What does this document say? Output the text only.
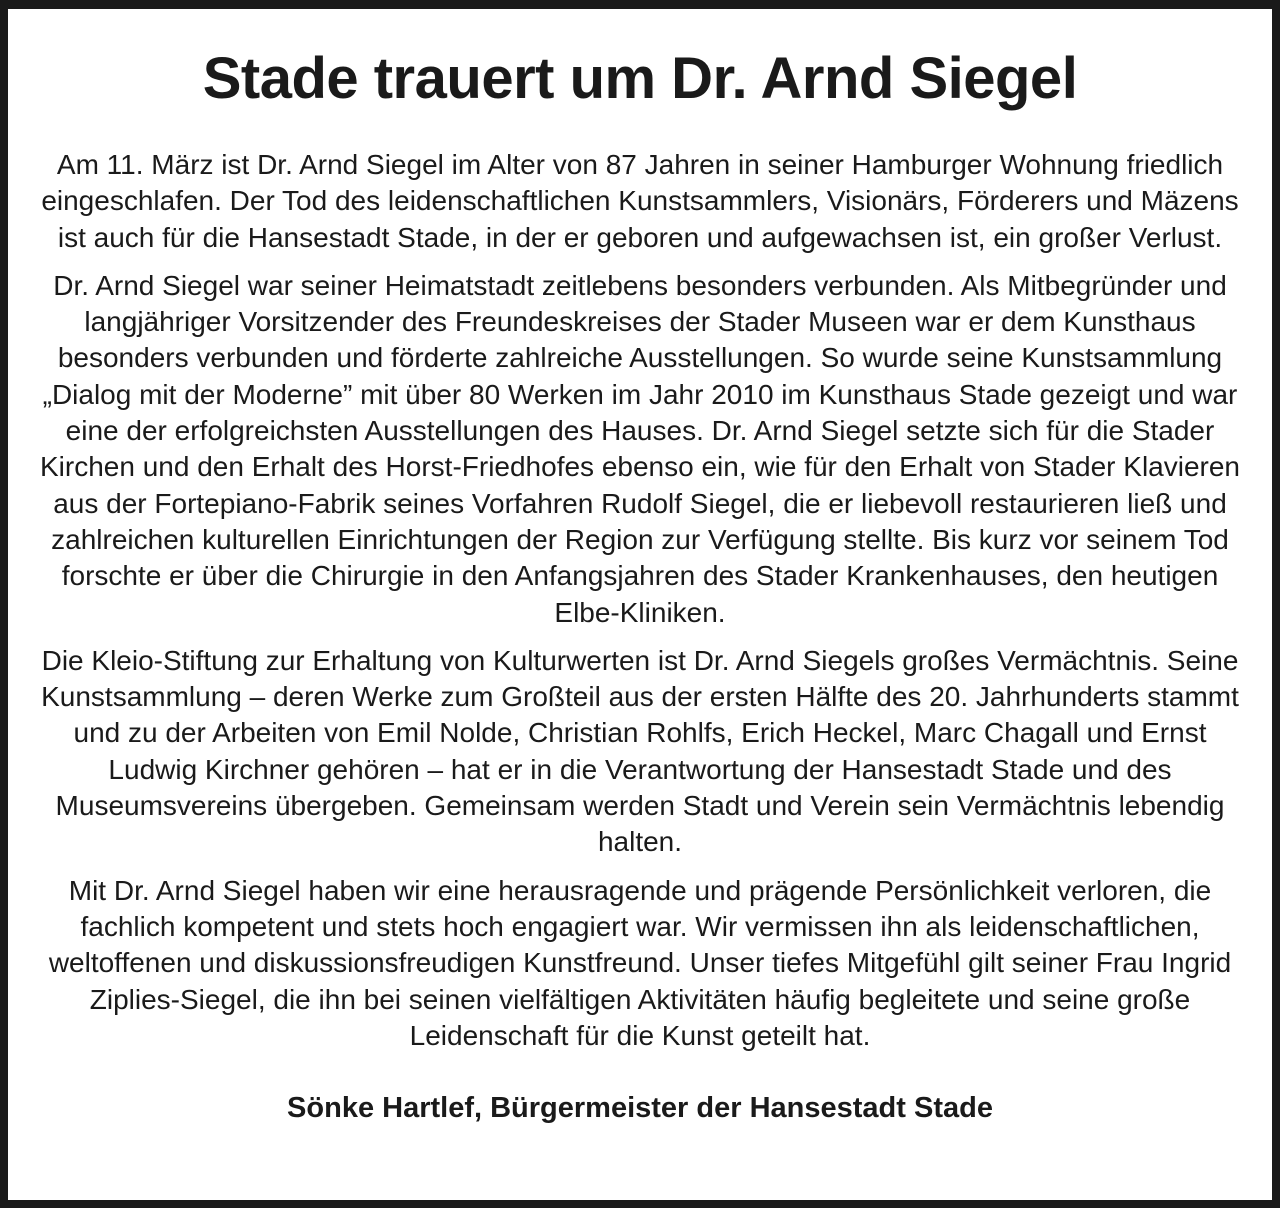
Stade trauert um Dr. Arnd Siegel

Am 11. März ist Dr. Arnd Siegel im Alter von 87 Jahren in seiner Hamburger Wohnung friedlich eingeschlafen. Der Tod des leidenschaftlichen Kunstsammlers, Visionärs, Förderers und Mäzens ist auch für die Hansestadt Stade, in der er geboren und aufgewachsen ist, ein großer Verlust.

Dr. Arnd Siegel war seiner Heimatstadt zeitlebens besonders verbunden. Als Mitbegründer und langjähriger Vorsitzender des Freundeskreises der Stader Museen war er dem Kunsthaus besonders verbunden und förderte zahlreiche Ausstellungen. So wurde seine Kunstsammlung „Dialog mit der Moderne” mit über 80 Werken im Jahr 2010 im Kunsthaus Stade gezeigt und war eine der erfolgreichsten Ausstellungen des Hauses. Dr. Arnd Siegel setzte sich für die Stader Kirchen und den Erhalt des Horst-Friedhofes ebenso ein, wie für den Erhalt von Stader Klavieren aus der Fortepiano-Fabrik seines Vorfahren Rudolf Siegel, die er liebevoll restaurieren ließ und zahlreichen kulturellen Einrichtungen der Region zur Verfügung stellte. Bis kurz vor seinem Tod forschte er über die Chirurgie in den Anfangsjahren des Stader Krankenhauses, den heutigen Elbe-Kliniken.

Die Kleio-Stiftung zur Erhaltung von Kulturwerten ist Dr. Arnd Siegels großes Vermächtnis. Seine Kunstsammlung – deren Werke zum Großteil aus der ersten Hälfte des 20. Jahrhunderts stammt und zu der Arbeiten von Emil Nolde, Christian Rohlfs, Erich Heckel, Marc Chagall und Ernst Ludwig Kirchner gehören – hat er in die Verantwortung der Hansestadt Stade und des Museumsvereins übergeben. Gemeinsam werden Stadt und Verein sein Vermächtnis lebendig halten.

Mit Dr. Arnd Siegel haben wir eine herausragende und prägende Persönlichkeit verloren, die fachlich kompetent und stets hoch engagiert war. Wir vermissen ihn als leidenschaftlichen, weltoffenen und diskussionsfreudigen Kunstfreund. Unser tiefes Mitgefühl gilt seiner Frau Ingrid Ziplies-Siegel, die ihn bei seinen vielfältigen Aktivitäten häufig begleitete und seine große Leidenschaft für die Kunst geteilt hat.

Sönke Hartlef, Bürgermeister der Hansestadt Stade
